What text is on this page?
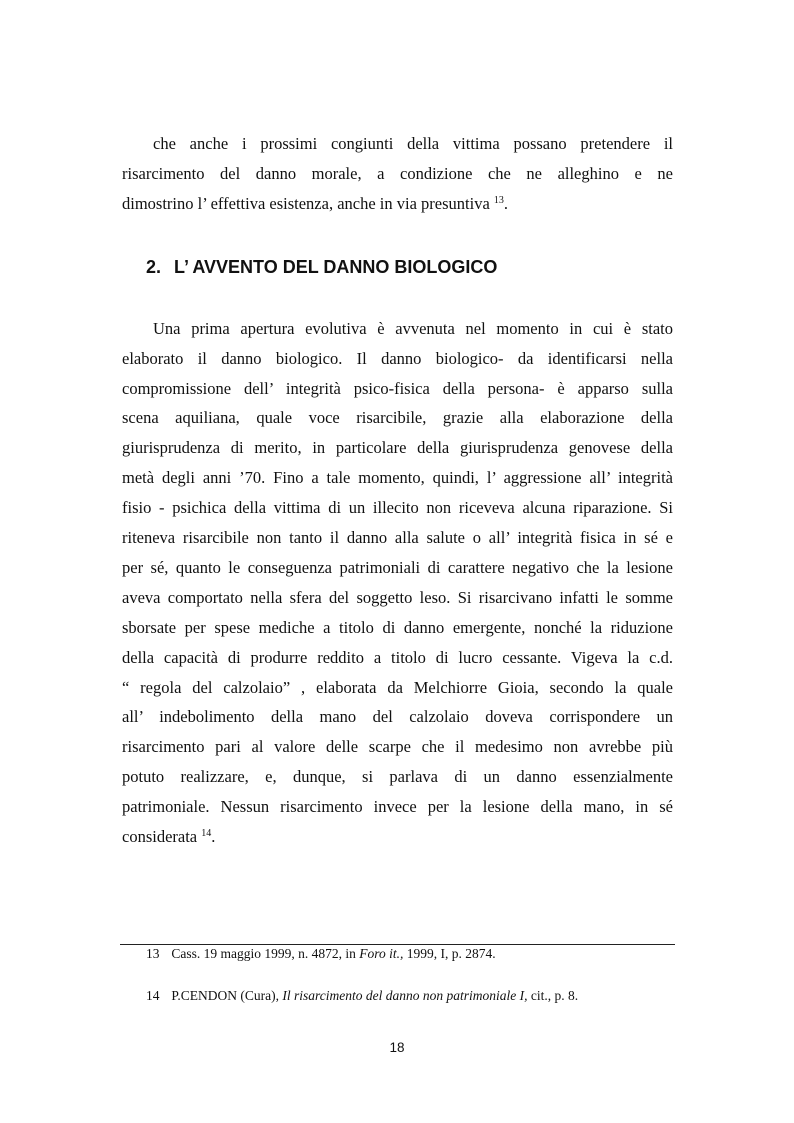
che anche i prossimi congiunti della vittima possano pretendere il
risarcimento del danno morale, a condizione che ne alleghino e ne
dimostrino l’ effettiva esistenza, anche in via presuntiva $^{13}$.
2. L’ AVVENTO DEL DANNO BIOLOGICO
Una prima apertura evolutiva è avvenuta nel momento in cui è stato
elaborato il danno biologico. Il danno biologico- da identificarsi nella
compromissione dell’ integrità psico-fisica della persona- è apparso sulla
scena aquiliana, quale voce risarcibile, grazie alla elaborazione della
giurisprudenza di merito, in particolare della giurisprudenza genovese della
metà degli anni ’70. Fino a tale momento, quindi, l’ aggressione all’ integrità
fisio - psichica della vittima di un illecito non riceveva alcuna riparazione. Si
riteneva risarcibile non tanto il danno alla salute o all’ integrità fisica in sé e
per sé, quanto le conseguenza patrimoniali di carattere negativo che la lesione
aveva comportato nella sfera del soggetto leso. Si risarcivano infatti le somme
sborsate per spese mediche a titolo di danno emergente, nonché la riduzione
della capacità di produrre reddito a titolo di lucro cessante. Vigeva la c.d.
“ regola del calzolaio” , elaborata da Melchiorre Gioia, secondo la quale
all’ indebolimento della mano del calzolaio doveva corrispondere un
risarcimento pari al valore delle scarpe che il medesimo non avrebbe più
potuto realizzare, e, dunque, si parlava di un danno essenzialmente
patrimoniale. Nessun risarcimento invece per la lesione della mano, in sé
considerata $^{14}$.
13 Cass. 19 maggio 1999, n. 4872, in Foro it., 1999, I, p. 2874.
14 P.CENDON (Cura), Il risarcimento del danno non patrimoniale I, cit., p. 8.
18
